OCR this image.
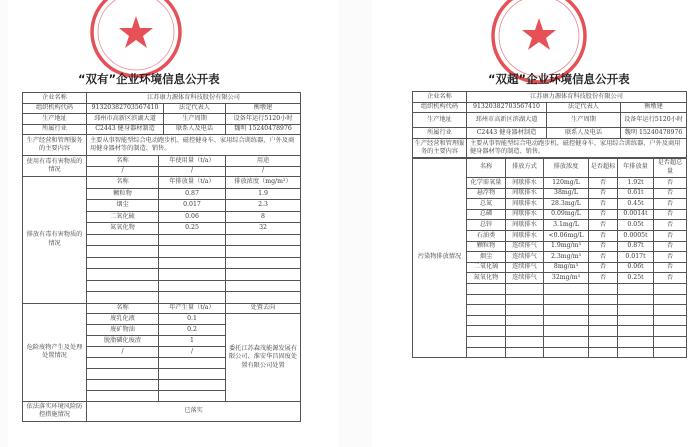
“双有”企业环境信息公开表
企业名称	江苏康力源体育科技股份有限公司		
组织机构代码	91320382703567410	法定代表人	衡墩建
生产地址	邳州市高新区滨湖大道	生产周期	设备年运行5120小时
所属行业	C2443 健身器材制造	联系人及电话	魏明 15240478976
生产经营和管理服务的主要内容	主要从事智能型综合电动跑步机、磁控健身车、家用综合训练器、户外及商用健身器材等的制造、销售。		
使用有毒有害物质的情况	名称	年使用量（t/a）	用途
	/	/	/
排放有毒有害物质的情况	名称	年排放量（t/a）	排放浓度（mg/m³）
	颗粒物	0.87	1.9
	烟尘	0.017	2.3
	二氧化硫	0.06	8
	氮氧化物	0.25	32

危险废物产生及处理处置情况	名称	年产生量（t/a）	处置去向
	废乳化液	0.1	委托江苏森茂能源发展有限公司、淮安华昌固废处置有限公司处置
	废矿物油	0.2	
	脱脂磷化废渣	1	
	/	/	

依法落实环境风险防控措施情况	已落实		
“双超”企业环境信息公开表
企业名称	江苏康力源体育科技股份有限公司		
组织机构代码	91320382703567410	法定代表人	衡墩建
生产地址	邳州市高新区滨湖大道	生产周期	设备年运行5120小时
所属行业	C2443 健身器材制造	联系人及电话	魏明 15240478976
生产经营和管理服务的主要内容	主要从事智能型综合电动跑步机、磁控健身车、家用综合训练器、户外及商用健身器材等的制造、销售。		
污染物排放情况	名称	排放方式	排放浓度	是否超标	年排放量	是否超总量
	化学需氧量	间歇排水	120mg/L	否	1.92t	否
	悬浮物	间歇排水	38mg/L	否	0.61t	否
	总氮	间歇排水	28.3mg/L	否	0.45t	否
	总磷	间歇排水	0.09mg/L	否	0.0014t	否
	总锌	间歇排水	3.1mg/L	否	0.05t	否
	石油类	间歇排水	<0.06mg/L	否	0.0005t	否
	颗粒物	连续排气	1.9mg/m³	否	0.87t	否
	烟尘	连续排气	2.3mg/m³	否	0.017t	否
	二氧化硫	连续排气	8mg/m³	否	0.06t	否
	氮氧化物	连续排气	32mg/m³	否	0.25t	否
